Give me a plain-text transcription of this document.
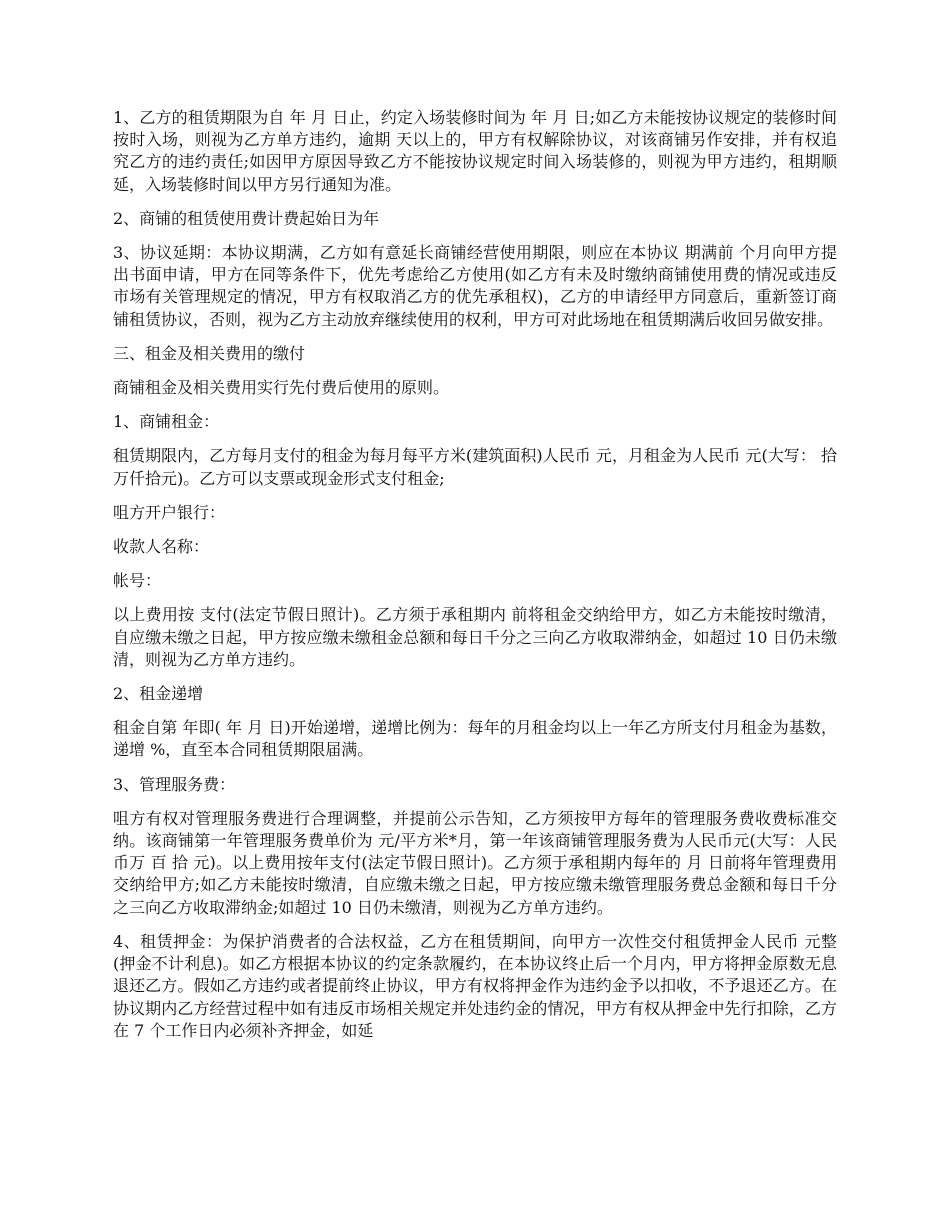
1、乙方的租赁期限为自 年 月 日止，约定入场装修时间为 年 月 日;如乙方未能按协议规定的装修时间按时入场，则视为乙方单方违约，逾期 天以上的，甲方有权解除协议，对该商铺另作安排，并有权追究乙方的违约责任;如因甲方原因导致乙方不能按协议规定时间入场装修的，则视为甲方违约，租期顺延，入场装修时间以甲方另行通知为准。

2、商铺的租赁使用费计费起始日为年

3、协议延期：本协议期满，乙方如有意延长商铺经营使用期限，则应在本协议 期满前 个月向甲方提出书面申请，甲方在同等条件下，优先考虑给乙方使用(如乙方有未及时缴纳商铺使用费的情况或违反市场有关管理规定的情况，甲方有权取消乙方的优先承租权)，乙方的申请经甲方同意后，重新签订商铺租赁协议，否则，视为乙方主动放弃继续使用的权利，甲方可对此场地在租赁期满后收回另做安排。

三、租金及相关费用的缴付

商铺租金及相关费用实行先付费后使用的原则。

1、商铺租金：

租赁期限内，乙方每月支付的租金为每月每平方米(建筑面积)人民币 元，月租金为人民币 元(大写： 拾 万仟拾元)。乙方可以支票或现金形式支付租金;

咀方开户银行：

收款人名称：

帐号：

以上费用按 支付(法定节假日照计)。乙方须于承租期内 前将租金交纳给甲方，如乙方未能按时缴清， 自应缴未缴之日起，甲方按应缴未缴租金总额和每日千分之三向乙方收取滞纳金，如超过 10 日仍未缴清，则视为乙方单方违约。

2、租金递增

租金自第 年即( 年 月 日)开始递增，递增比例为：每年的月租金均以上一年乙方所支付月租金为基数，递增 %，直至本合同租赁期限届满。

3、管理服务费：

咀方有权对管理服务费进行合理调整，并提前公示告知，乙方须按甲方每年的管理服务费收费标准交纳。该商铺第一年管理服务费单价为 元/平方米*月，第一年该商铺管理服务费为人民币元(大写：人民币万 百 拾 元)。以上费用按年支付(法定节假日照计)。乙方须于承租期内每年的 月 日前将年管理费用交纳给甲方;如乙方未能按时缴清，自应缴未缴之日起，甲方按应缴未缴管理服务费总金额和每日千分之三向乙方收取滞纳金;如超过 10 日仍未缴清，则视为乙方单方违约。

4、租赁押金：为保护消费者的合法权益，乙方在租赁期间，向甲方一次性交付租赁押金人民币 元整(押金不计利息)。如乙方根据本协议的约定条款履约，在本协议终止后一个月内，甲方将押金原数无息退还乙方。假如乙方违约或者提前终止协议，甲方有权将押金作为违约金予以扣收，不予退还乙方。在协议期内乙方经营过程中如有违反市场相关规定并处违约金的情况，甲方有权从押金中先行扣除，乙方在 7 个工作日内必须补齐押金，如延
